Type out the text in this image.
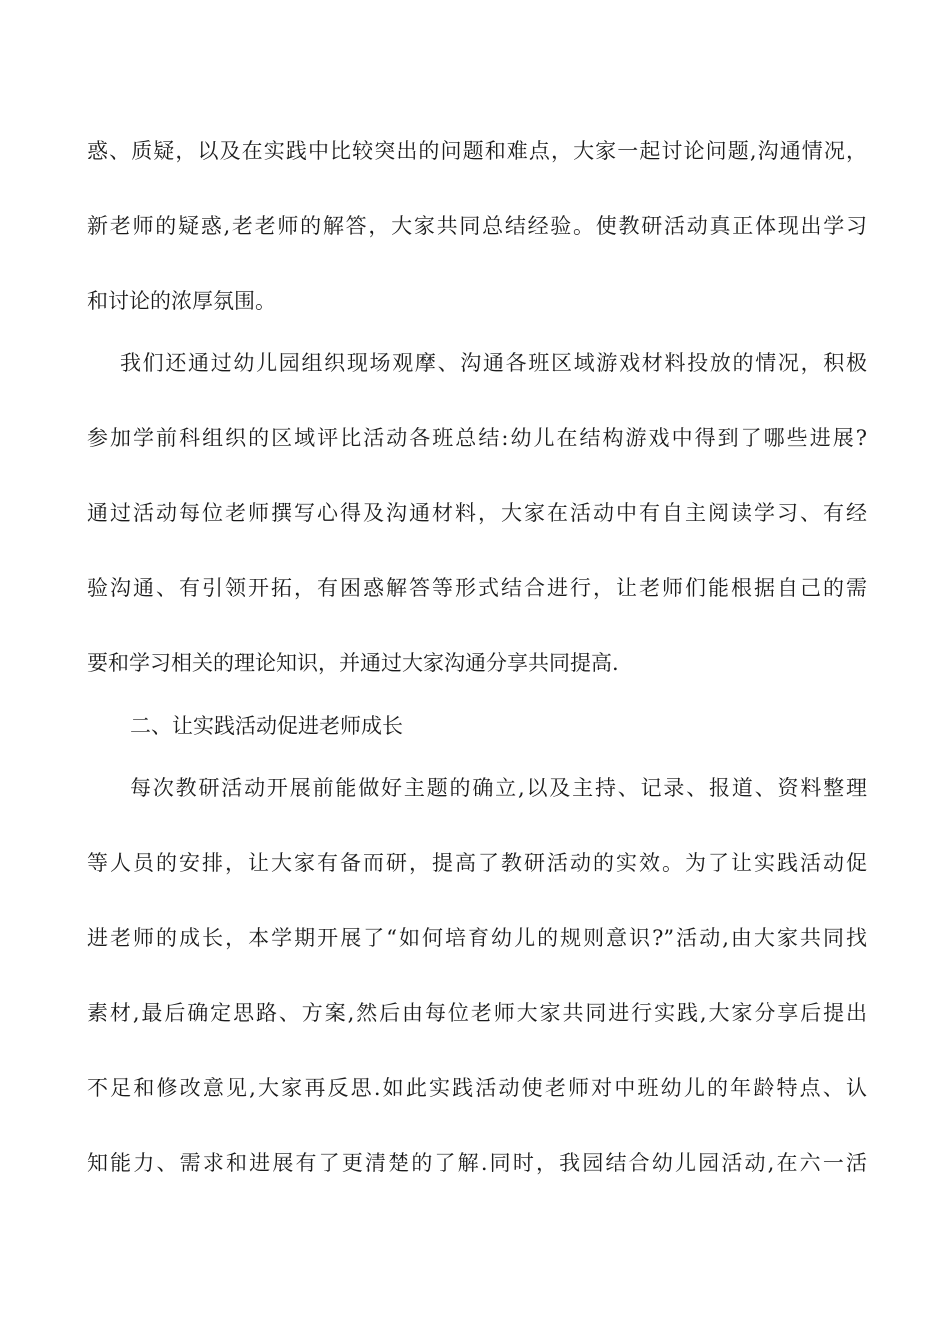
惑、质疑，以及在实践中比较突出的问题和难点，大家一起讨论问题,沟通情况，
新老师的疑惑,老老师的解答，大家共同总结经验。使教研活动真正体现出学习
和讨论的浓厚氛围。
我们还通过幼儿园组织现场观摩、沟通各班区域游戏材料投放的情况，积极
参加学前科组织的区域评比活动各班总结:幼儿在结构游戏中得到了哪些进展?
通过活动每位老师撰写心得及沟通材料，大家在活动中有自主阅读学习、有经
验沟通、有引领开拓，有困惑解答等形式结合进行，让老师们能根据自己的需
要和学习相关的理论知识，并通过大家沟通分享共同提高.
二、让实践活动促进老师成长
每次教研活动开展前能做好主题的确立,以及主持、记录、报道、资料整理
等人员的安排，让大家有备而研，提高了教研活动的实效。为了让实践活动促
进老师的成长，本学期开展了“如何培育幼儿的规则意识?”活动,由大家共同找
素材,最后确定思路、方案,然后由每位老师大家共同进行实践,大家分享后提出
不足和修改意见,大家再反思.如此实践活动使老师对中班幼儿的年龄特点、认
知能力、需求和进展有了更清楚的了解.同时，我园结合幼儿园活动,在六一活
